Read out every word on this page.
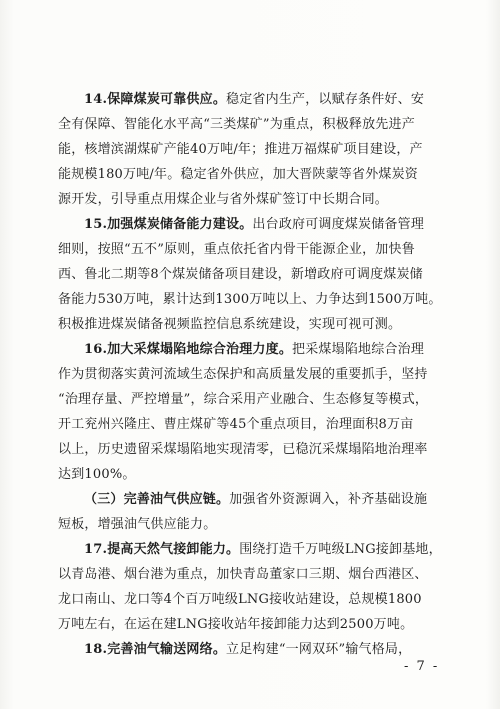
14.保障煤炭可靠供应。稳定省内生产，以赋存条件好、安
全有保障、智能化水平高“三类煤矿”为重点，积极释放先进产
能，核增滨湖煤矿产能40万吨/年；推进万福煤矿项目建设，产
能规模180万吨/年。稳定省外供应，加大晋陕蒙等省外煤炭资
源开发，引导重点用煤企业与省外煤矿签订中长期合同。
15.加强煤炭储备能力建设。出台政府可调度煤炭储备管理
细则，按照“五不”原则，重点依托省内骨干能源企业，加快鲁
西、鲁北二期等8个煤炭储备项目建设，新增政府可调度煤炭储
备能力530万吨，累计达到1300万吨以上、力争达到1500万吨。
积极推进煤炭储备视频监控信息系统建设，实现可视可测。
16.加大采煤塌陷地综合治理力度。把采煤塌陷地综合治理
作为贯彻落实黄河流域生态保护和高质量发展的重要抓手，坚持
“治理存量、严控增量”，综合采用产业融合、生态修复等模式，
开工兖州兴隆庄、曹庄煤矿等45个重点项目，治理面积8万亩
以上，历史遗留采煤塌陷地实现清零，已稳沉采煤塌陷地治理率
达到100%。
（三）完善油气供应链。加强省外资源调入，补齐基础设施
短板，增强油气供应能力。
17.提高天然气接卸能力。围绕打造千万吨级LNG接卸基地，
以青岛港、烟台港为重点，加快青岛董家口三期、烟台西港区、
龙口南山、龙口等4个百万吨级LNG接收站建设，总规模1800
万吨左右，在运在建LNG接收站年接卸能力达到2500万吨。
18.完善油气输送网络。立足构建“一网双环”输气格局，
- 7 -
